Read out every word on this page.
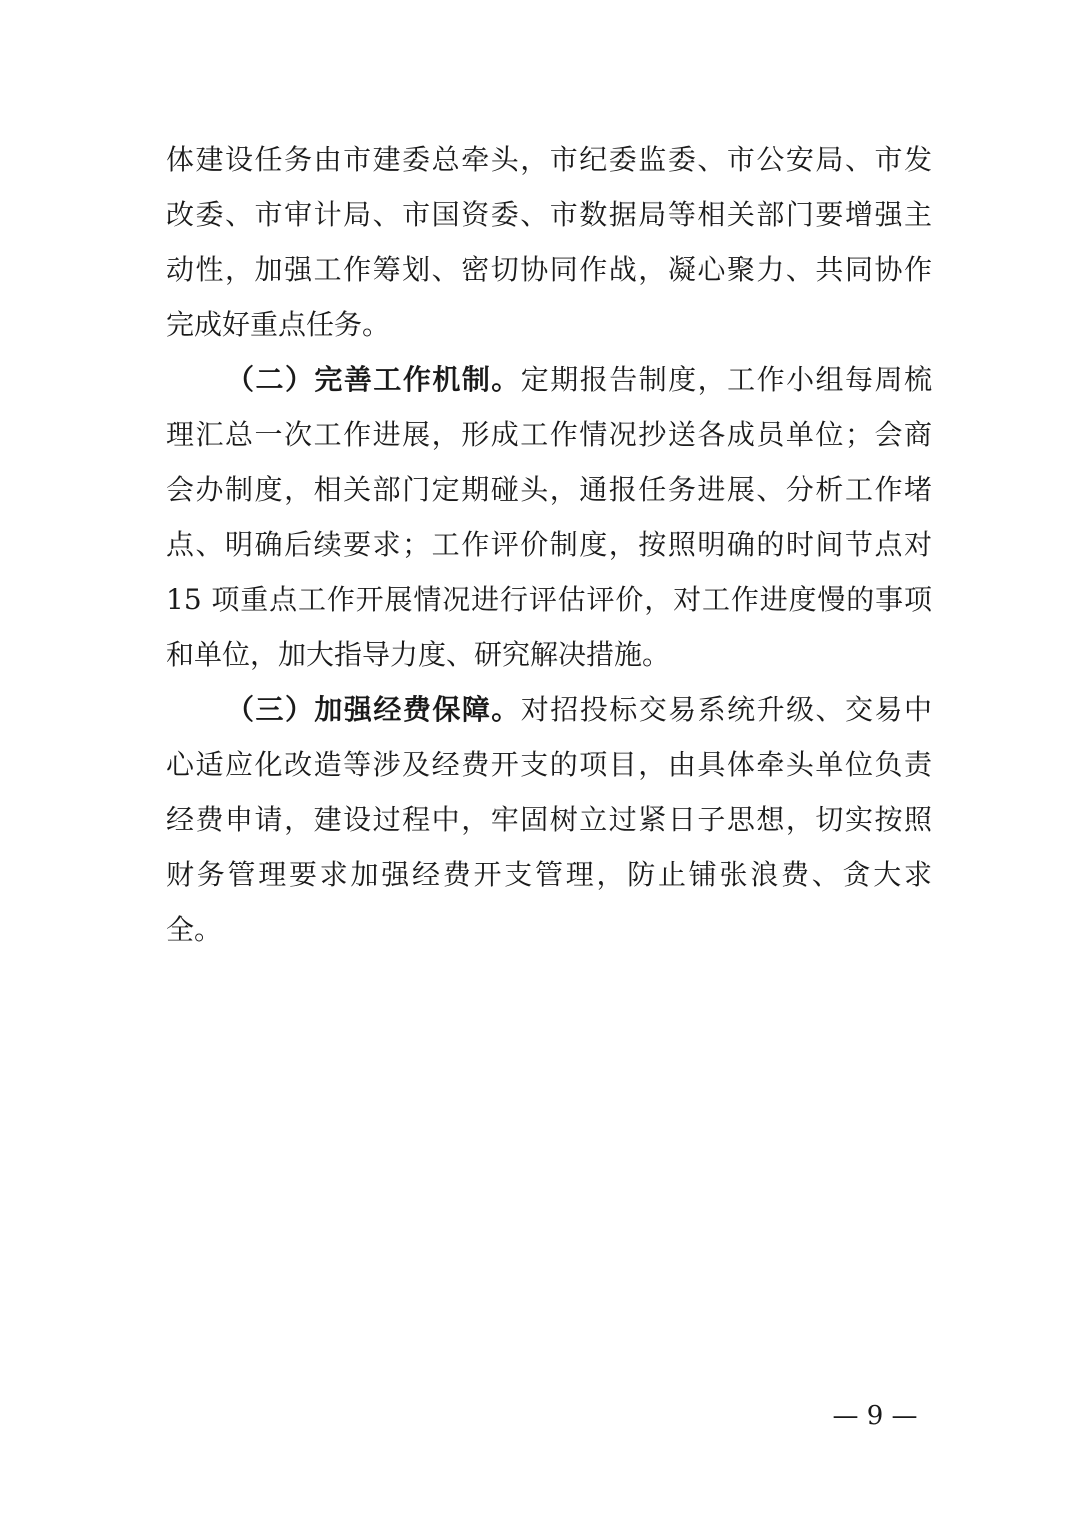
体建设任务由市建委总牵头，市纪委监委、市公安局、市发
改委、市审计局、市国资委、市数据局等相关部门要增强主
动性，加强工作筹划、密切协同作战，凝心聚力、共同协作
完成好重点任务。
（二）完善工作机制。定期报告制度，工作小组每周梳
理汇总一次工作进展，形成工作情况抄送各成员单位；会商
会办制度，相关部门定期碰头，通报任务进展、分析工作堵
点、明确后续要求；工作评价制度，按照明确的时间节点对
15 项重点工作开展情况进行评估评价，对工作进度慢的事项
和单位，加大指导力度、研究解决措施。
（三）加强经费保障。对招投标交易系统升级、交易中
心适应化改造等涉及经费开支的项目，由具体牵头单位负责
经费申请，建设过程中，牢固树立过紧日子思想，切实按照
财务管理要求加强经费开支管理，防止铺张浪费、贪大求
全。
— 9 —
